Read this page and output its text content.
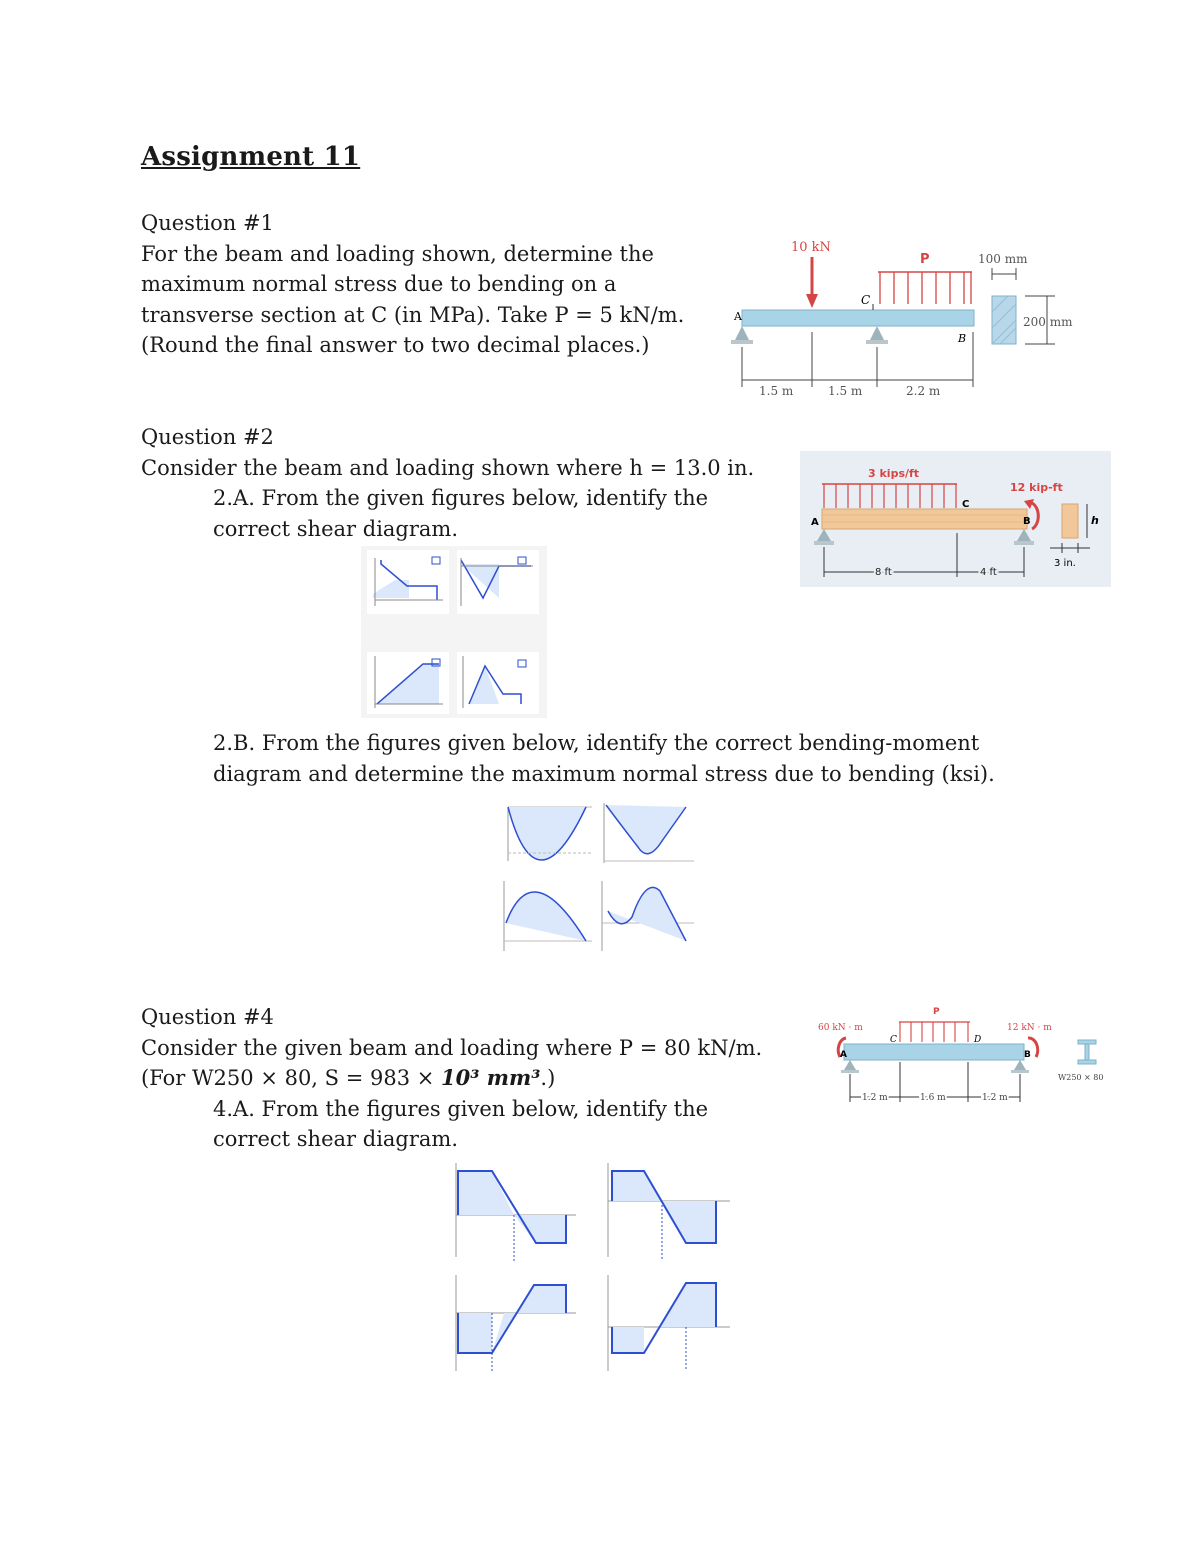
Assignment 11
Question #1
For the beam and loading shown, determine the
maximum normal stress due to bending on a
transverse section at C (in MPa). Take P = 5 kN/m.
(Round the final answer to two decimal places.)
10 kN
P
A
C
B
1.5 m	1.5 m	2.2 m
100 mm
200 mm
Question #2
Consider the beam and loading shown where h = 13.0 in.
2.A. From the given figures below, identify the
correct shear diagram.
3 kips/ft
A
C
B
12 kip-ft
8 ft	4 ft
h
3 in.
2.B. From the figures given below, identify the correct bending-moment
diagram and determine the maximum normal stress due to bending (ksi).
Question #4
Consider the given beam and loading where P = 80 kN/m.
(For W250 × 80, S = 983 × 10³ mm³.)
4.A. From the figures given below, identify the
correct shear diagram.
60 kN · m	12 kN · m
P
A
C	D
B
1.2 m	1.6 m	1.2 m
W250 × 80
